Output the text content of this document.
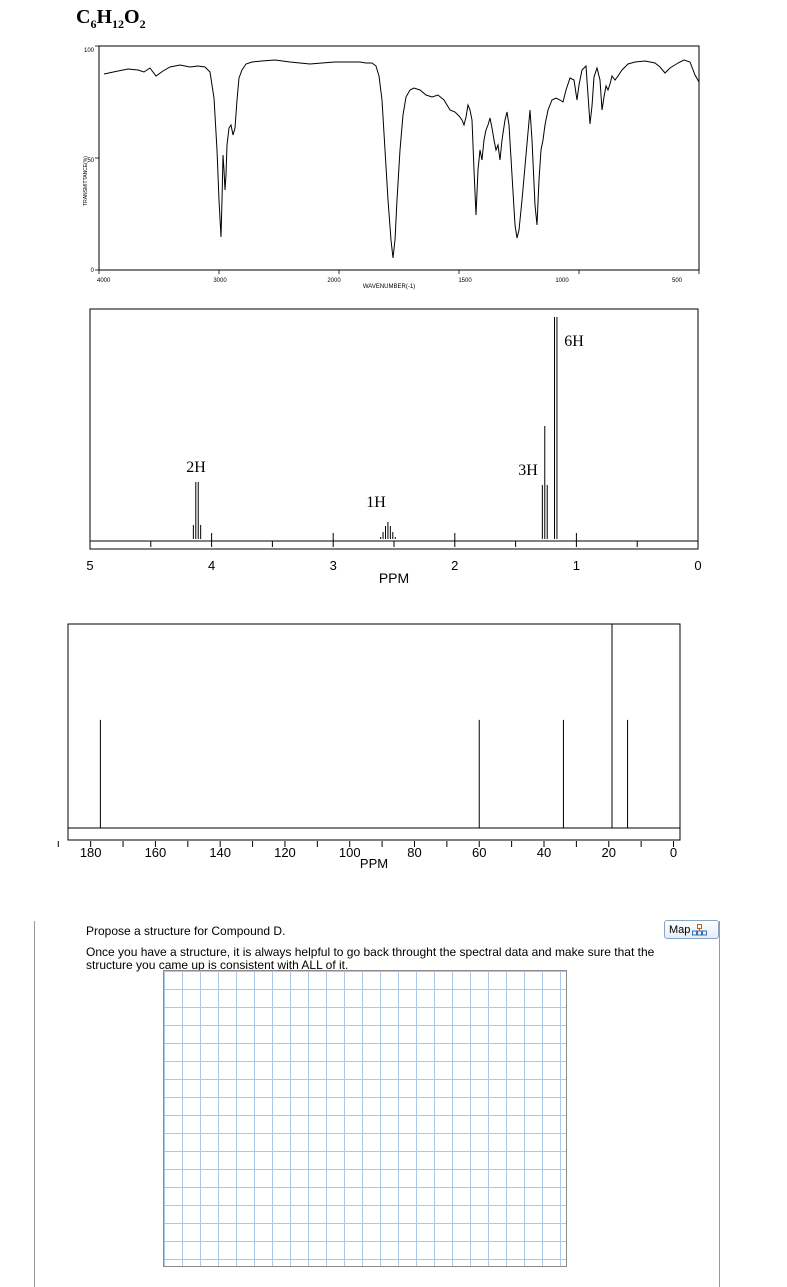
$C_6H_{12}O_2$
TRANSMITTANCE(%)
100
50
0
4000	3000	2000	1500	1000	500
WAVENUMBER(-1)
5	4	3	2	1	0
PPM
2H
1H
3H
6H
180	160	140	120	100	80	60	40	20	0
PPM

Propose a structure for Compound D.

Once you have a structure, it is always helpful to go back throught the spectral data and make sure that the structure you came up is consistent with ALL of it.

Map
